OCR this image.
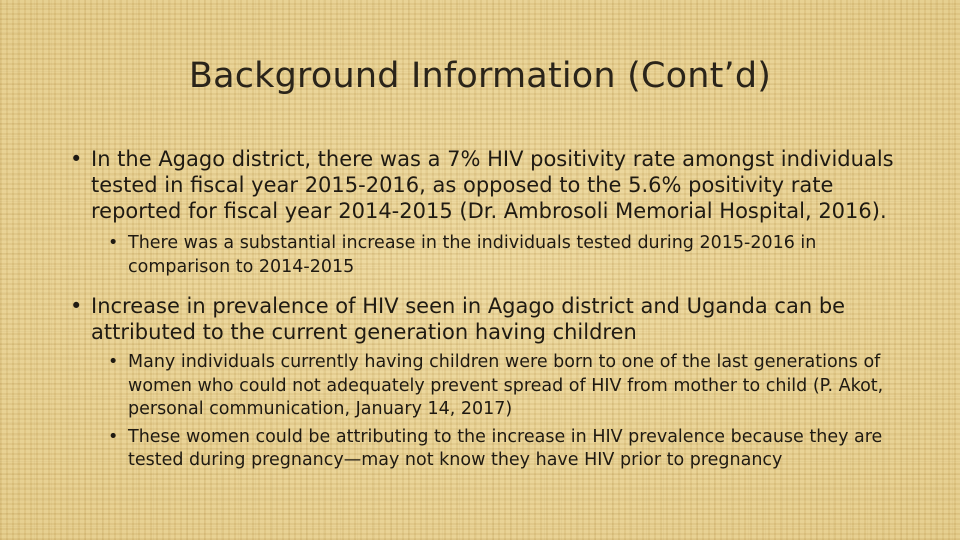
Background Information (Cont’d)
• In the Agago district, there was a 7% HIV positivity rate amongst individuals tested in fiscal year 2015-2016, as opposed to the 5.6% positivity rate reported for fiscal year 2014-2015 (Dr. Ambrosoli Memorial Hospital, 2016).
• There was a substantial increase in the individuals tested during 2015-2016 in comparison to 2014-2015
• Increase in prevalence of HIV seen in Agago district and Uganda can be attributed to the current generation having children
• Many individuals currently having children were born to one of the last generations of women who could not adequately prevent spread of HIV from mother to child (P. Akot, personal communication, January 14, 2017)
• These women could be attributing to the increase in HIV prevalence because they are tested during pregnancy—may not know they have HIV prior to pregnancy
